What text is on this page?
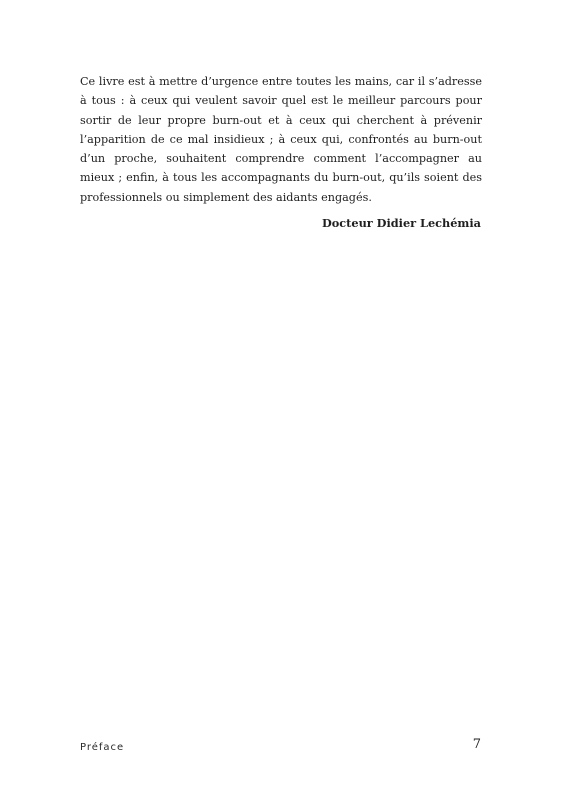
Ce livre est à mettre d’urgence entre toutes les mains, car il s’adresse à tous : à ceux qui veulent savoir quel est le meilleur parcours pour sortir de leur propre burn-out et à ceux qui cherchent à prévenir l’apparition de ce mal insidieux ; à ceux qui, confrontés au burn-out d’un proche, souhaitent comprendre comment l’accompagner au mieux ; enfin, à tous les accompagnants du burn-out, qu’ils soient des professionnels ou simplement des aidants engagés.

Docteur Didier Lechémia

Préface	7
